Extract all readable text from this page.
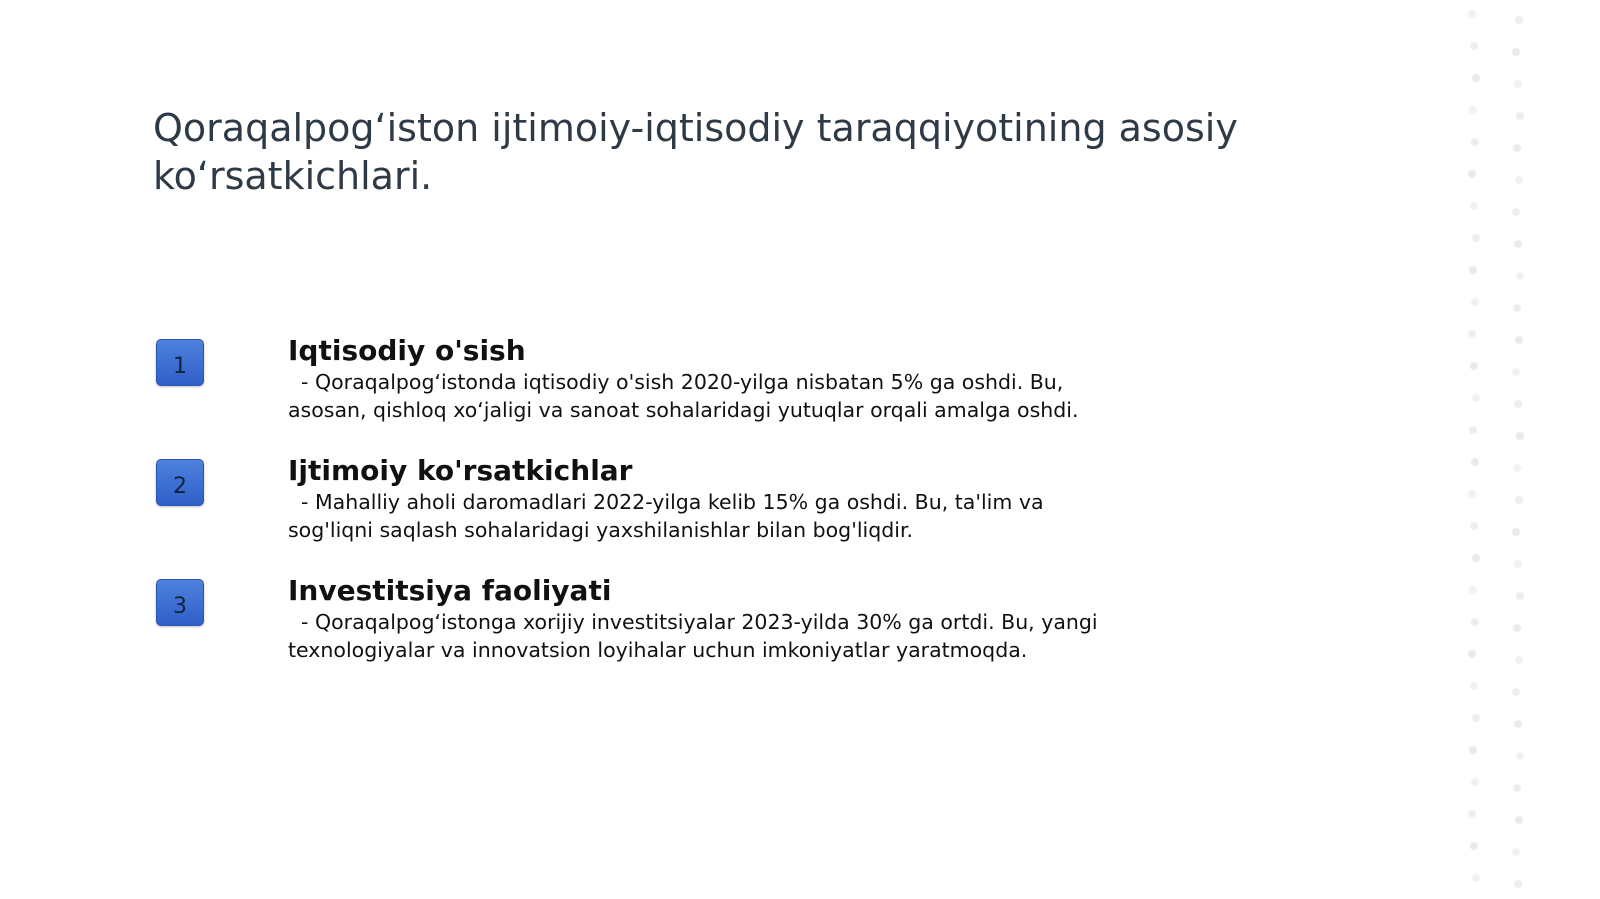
Qoraqalpog‘iston ijtimoiy-iqtisodiy taraqqiyotining asosiy ko‘rsatkichlari.
1	Iqtisodiy o'sish

- Qoraqalpog‘istonda iqtisodiy o'sish 2020-yilga nisbatan 5% ga oshdi. Bu, asosan, qishloq xo‘jaligi va sanoat sohalaridagi yutuqlar orqali amalga oshdi.

2	Ijtimoiy ko'rsatkichlar

- Mahalliy aholi daromadlari 2022-yilga kelib 15% ga oshdi. Bu, ta'lim va sog'liqni saqlash sohalaridagi yaxshilanishlar bilan bog'liqdir.

3	Investitsiya faoliyati

- Qoraqalpog‘istonga xorijiy investitsiyalar 2023-yilda 30% ga ortdi. Bu, yangi texnologiyalar va innovatsion loyihalar uchun imkoniyatlar yaratmoqda.
